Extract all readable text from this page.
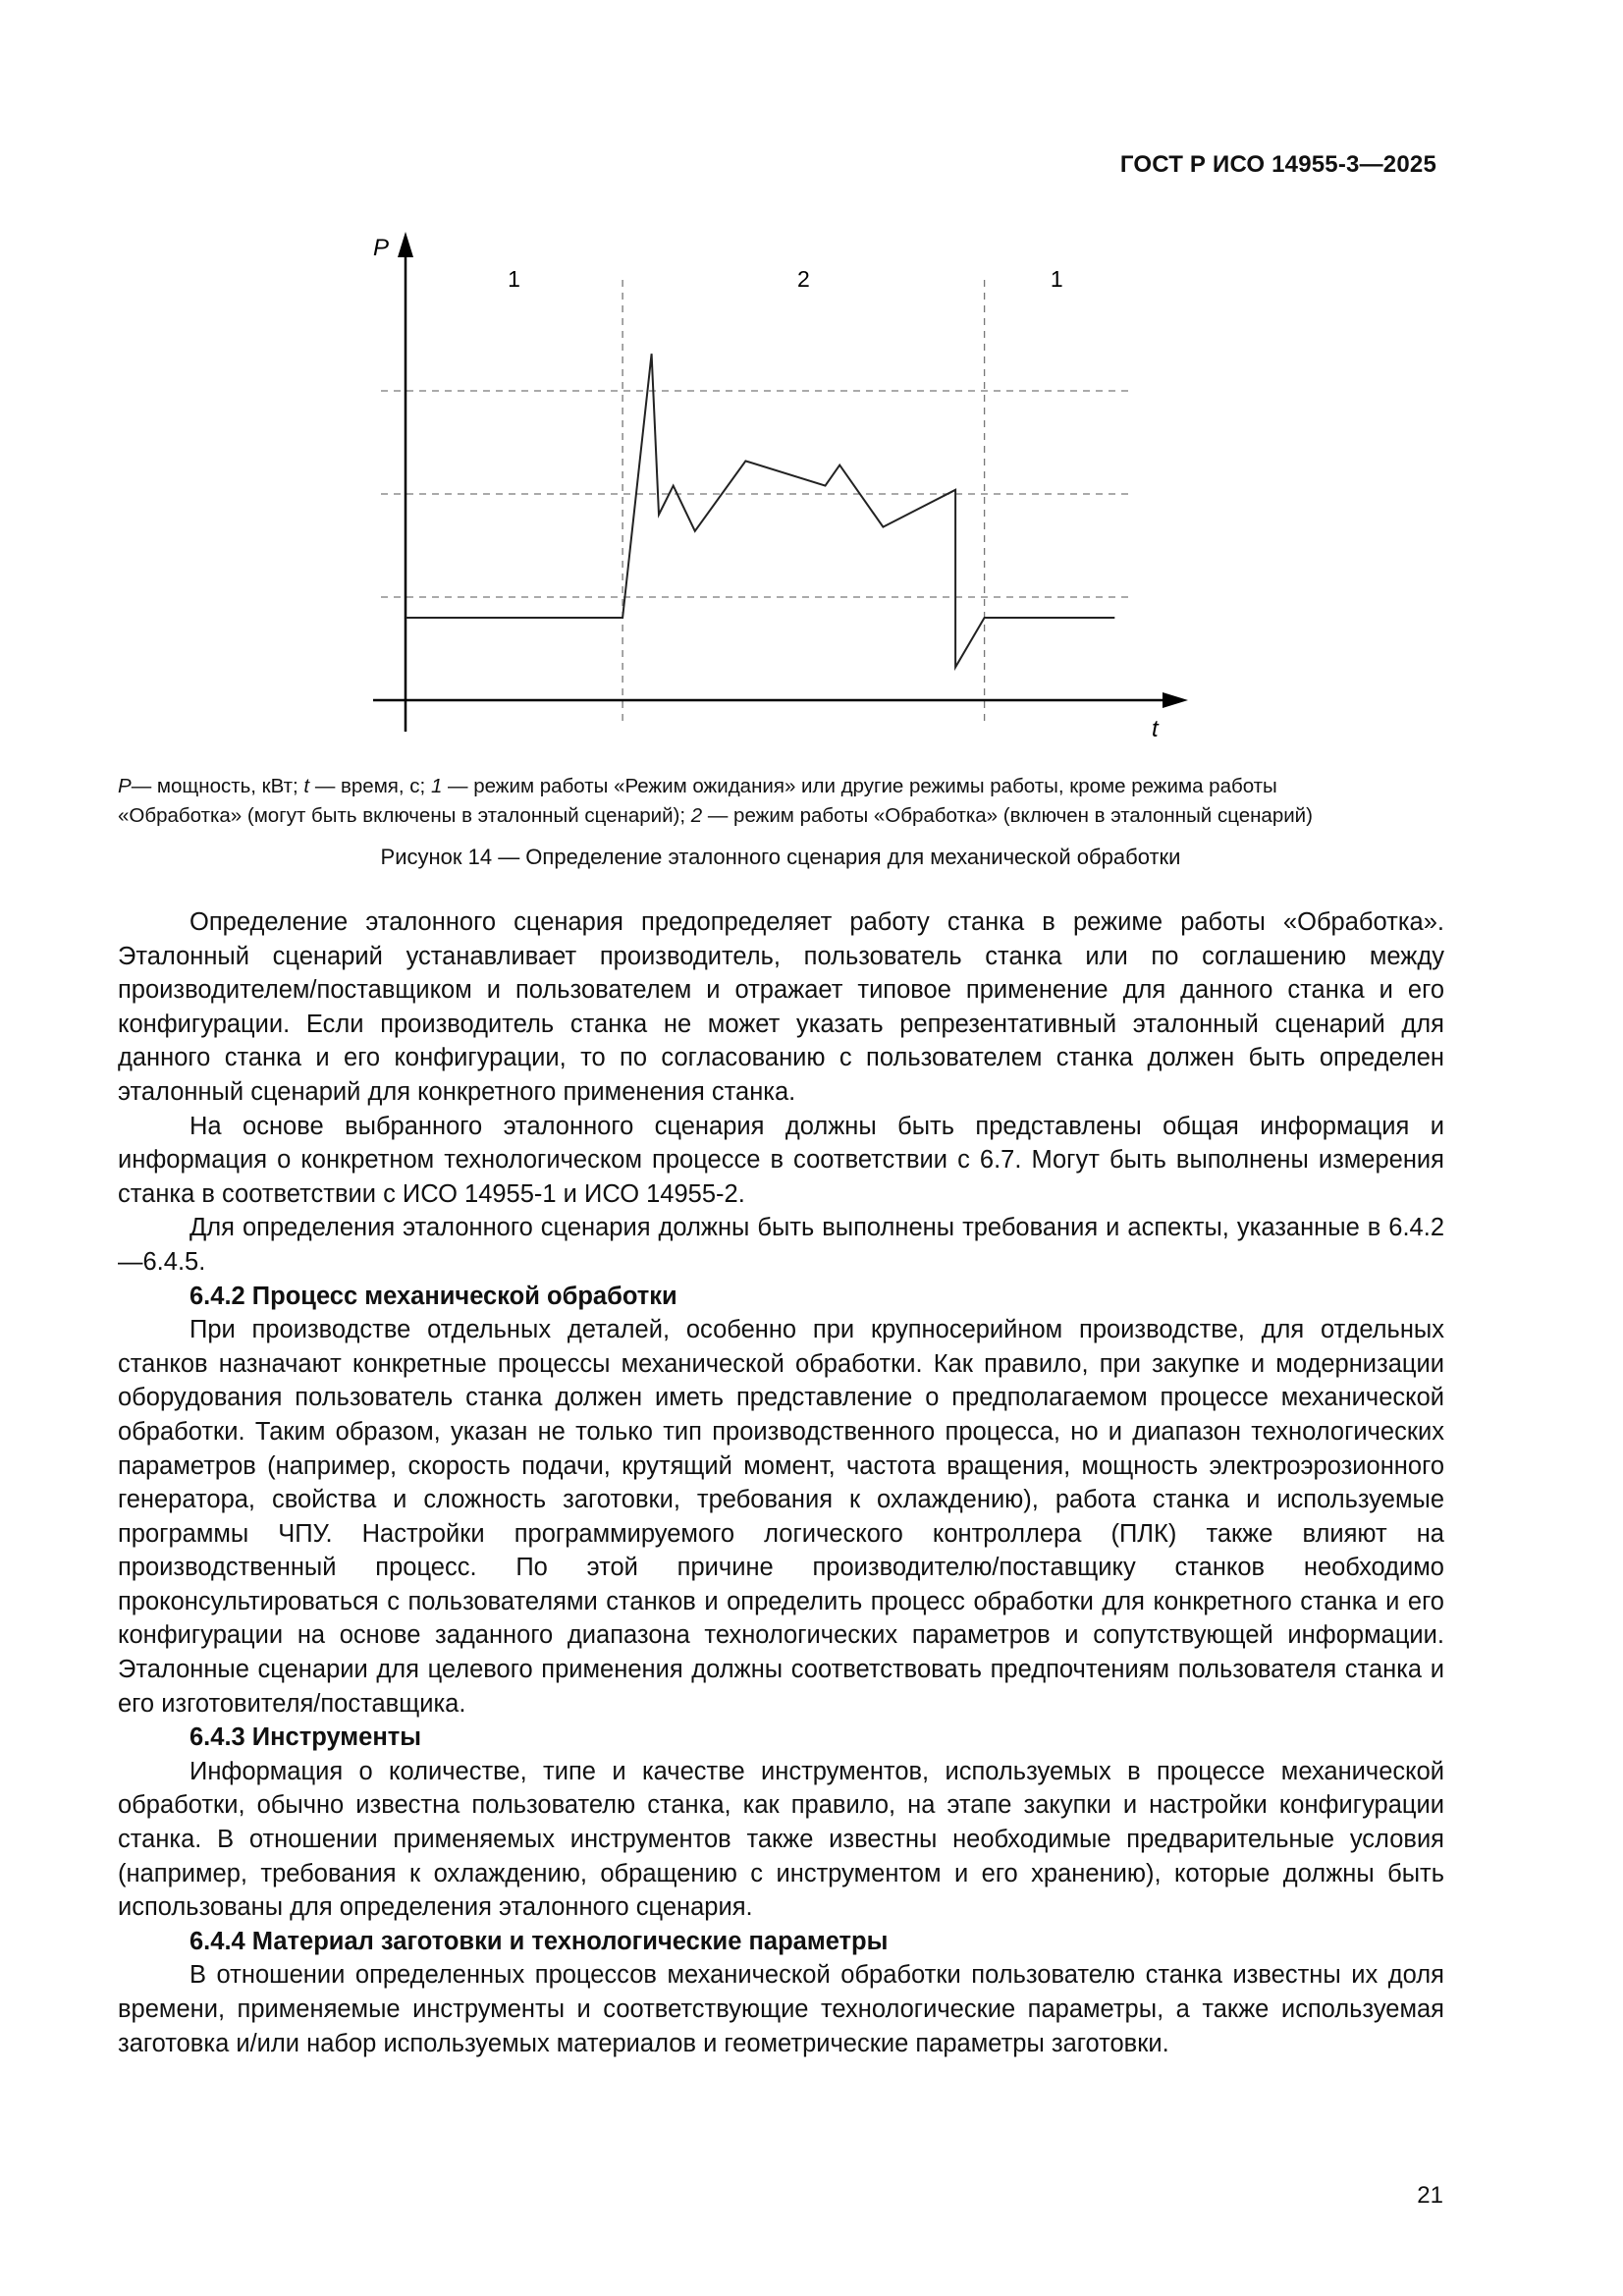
ГОСТ Р ИСО 14955-3—2025
P
t
1	2	1
P— мощность, кВт; t — время, с; 1 — режим работы «Режим ожидания» или другие режимы работы, кроме режима работы
«Обработка» (могут быть включены в эталонный сценарий); 2 — режим работы «Обработка» (включен в эталонный сценарий)
Рисунок 14 — Определение эталонного сценария для механической обработки

Определение эталонного сценария предопределяет работу станка в режиме работы «Обработка». Эталонный сценарий устанавливает производитель, пользователь станка или по соглашению между производителем/поставщиком и пользователем и отражает типовое применение для данного станка и его конфигурации. Если производитель станка не может указать репрезентативный эталонный сценарий для данного станка и его конфигурации, то по согласованию с пользователем станка должен быть определен эталонный сценарий для конкретного применения станка.

На основе выбранного эталонного сценария должны быть представлены общая информация и информация о конкретном технологическом процессе в соответствии с 6.7. Могут быть выполнены измерения станка в соответствии с ИСО 14955-1 и ИСО 14955-2.

Для определения эталонного сценария должны быть выполнены требования и аспекты, указанные в 6.4.2—6.4.5.

6.4.2 Процесс механической обработки

При производстве отдельных деталей, особенно при крупносерийном производстве, для отдельных станков назначают конкретные процессы механической обработки. Как правило, при закупке и модернизации оборудования пользователь станка должен иметь представление о предполагаемом процессе механической обработки. Таким образом, указан не только тип производственного процесса, но и диапазон технологических параметров (например, скорость подачи, крутящий момент, частота вращения, мощность электроэрозионного генератора, свойства и сложность заготовки, требования к охлаждению), работа станка и используемые программы ЧПУ. Настройки программируемого логического контроллера (ПЛК) также влияют на производственный процесс. По этой причине производителю/поставщику станков необходимо проконсультироваться с пользователями станков и определить процесс обработки для конкретного станка и его конфигурации на основе заданного диапазона технологических параметров и сопутствующей информации. Эталонные сценарии для целевого применения должны соответствовать предпочтениям пользователя станка и его изготовителя/поставщика.

6.4.3 Инструменты

Информация о количестве, типе и качестве инструментов, используемых в процессе механической обработки, обычно известна пользователю станка, как правило, на этапе закупки и настройки конфигурации станка. В отношении применяемых инструментов также известны необходимые предварительные условия (например, требования к охлаждению, обращению с инструментом и его хранению), которые должны быть использованы для определения эталонного сценария.

6.4.4 Материал заготовки и технологические параметры

В отношении определенных процессов механической обработки пользователю станка известны их доля времени, применяемые инструменты и соответствующие технологические параметры, а также используемая заготовка и/или набор используемых материалов и геометрические параметры заготовки.

21
